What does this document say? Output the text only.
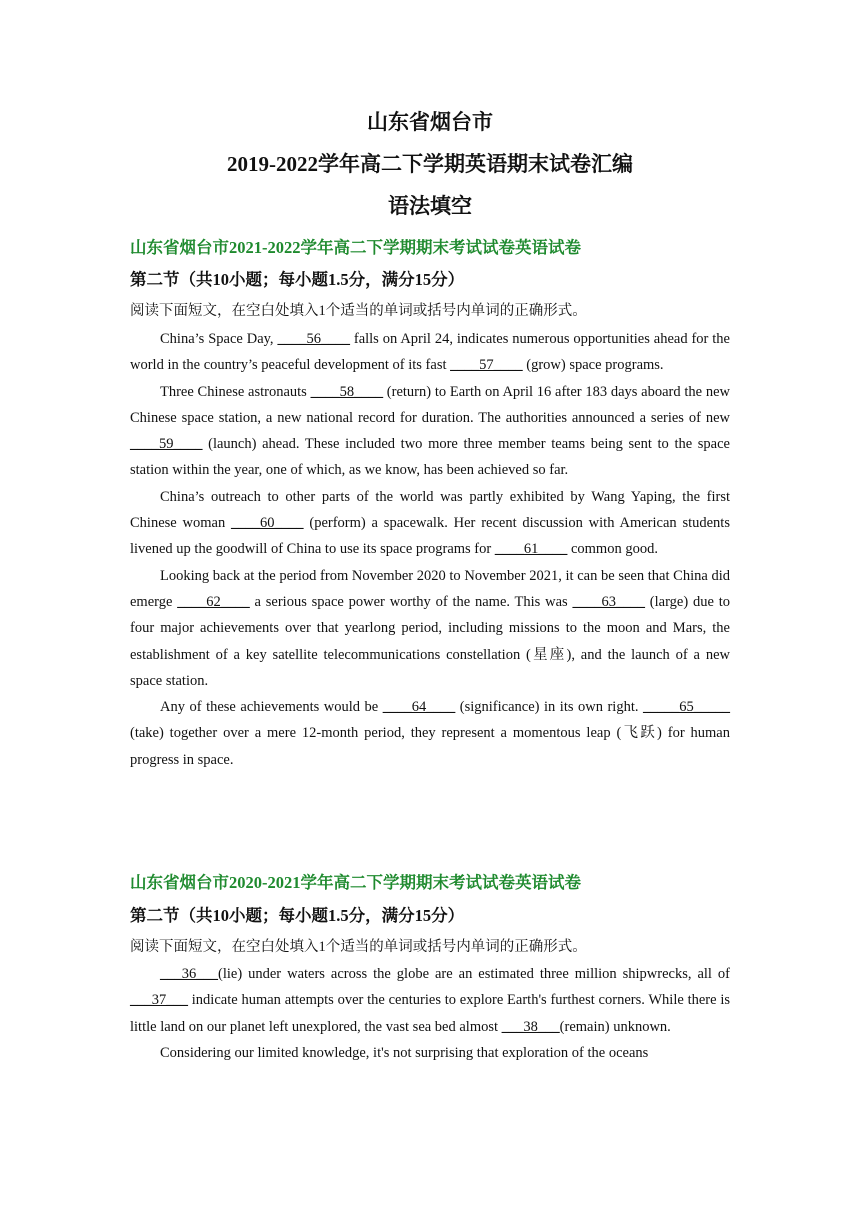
山东省烟台市
2019-2022学年高二下学期英语期末试卷汇编
语法填空
山东省烟台市2021-2022学年高二下学期期末考试试卷英语试卷
第二节（共10小题；每小题1.5分，满分15分）
阅读下面短文，在空白处填入1个适当的单词或括号内单词的正确形式。

China’s Space Day, ____56____ falls on April 24, indicates numerous opportunities ahead for the world in the country’s peaceful development of its fast ____57____ (grow) space programs.

Three Chinese astronauts ____58____ (return) to Earth on April 16 after 183 days aboard the new Chinese space station, a new national record for duration. The authorities announced a series of new ____59____ (launch) ahead. These included two more three member teams being sent to the space station within the year, one of which, as we know, has been achieved so far.

China’s outreach to other parts of the world was partly exhibited by Wang Yaping, the first Chinese woman ____60____ (perform) a spacewalk. Her recent discussion with American students livened up the goodwill of China to use its space programs for ____61____ common good.

Looking back at the period from November 2020 to November 2021, it can be seen that China did emerge ____62____ a serious space power worthy of the name. This was ____63____ (large) due to four major achievements over that yearlong period, including missions to the moon and Mars, the establishment of a key satellite telecommunications constellation (星座), and the launch of a new space station.

Any of these achievements would be ____64____ (significance) in its own right. _____65_____ (take) together over a mere 12-month period, they represent a momentous leap (飞跃) for human progress in space.

山东省烟台市2020-2021学年高二下学期期末考试试卷英语试卷
第二节（共10小题；每小题1.5分，满分15分）
阅读下面短文，在空白处填入1个适当的单词或括号内单词的正确形式。

___36___(lie) under waters across the globe are an estimated three million shipwrecks, all of ___37___ indicate human attempts over the centuries to explore Earth's furthest corners. While there is little land on our planet left unexplored, the vast sea bed almost ___38___(remain) unknown.

Considering our limited knowledge, it's not surprising that exploration of the oceans
